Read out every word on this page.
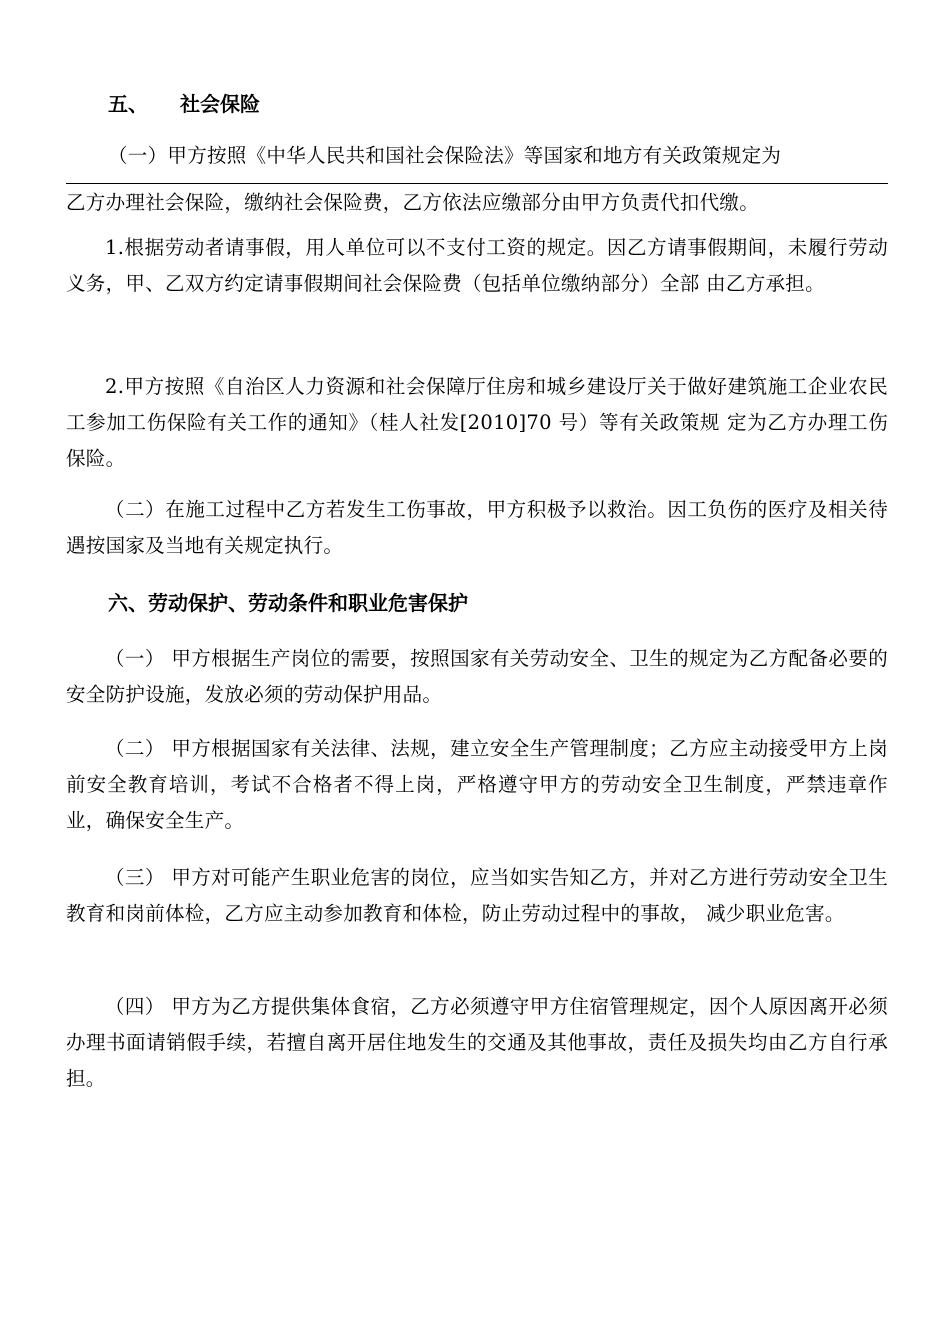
五、 社会保险
（一）甲方按照《中华人民共和国社会保险法》等国家和地方有关政策规定为
乙方办理社会保险，缴纳社会保险费，乙方依法应缴部分由甲方负责代扣代缴。
1.根据劳动者请事假，用人单位可以不支付工资的规定。因乙方请事假期间，未履行劳动义务，甲、乙双方约定请事假期间社会保险费（包括单位缴纳部分）全部 由乙方承担。
2.甲方按照《自治区人力资源和社会保障厅住房和城乡建设厅关于做好建筑施工企业农民工参加工伤保险有关工作的通知》（桂人社发[2010]70 号）等有关政策规 定为乙方办理工伤保险。
（二）在施工过程中乙方若发生工伤事故，甲方积极予以救治。因工负伤的医疗及相关待遇按国家及当地有关规定执行。
六、劳动保护、劳动条件和职业危害保护
（一） 甲方根据生产岗位的需要，按照国家有关劳动安全、卫生的规定为乙方配备必要的安全防护设施，发放必须的劳动保护用品。
（二） 甲方根据国家有关法律、法规，建立安全生产管理制度；乙方应主动接受甲方上岗前安全教育培训，考试不合格者不得上岗，严格遵守甲方的劳动安全卫生制度，严禁违章作业，确保安全生产。
（三） 甲方对可能产生职业危害的岗位，应当如实告知乙方，并对乙方进行劳动安全卫生教育和岗前体检，乙方应主动参加教育和体检，防止劳动过程中的事故， 减少职业危害。
（四） 甲方为乙方提供集体食宿，乙方必须遵守甲方住宿管理规定，因个人原因离开必须办理书面请销假手续，若擅自离开居住地发生的交通及其他事故，责任及损失均由乙方自行承担。
